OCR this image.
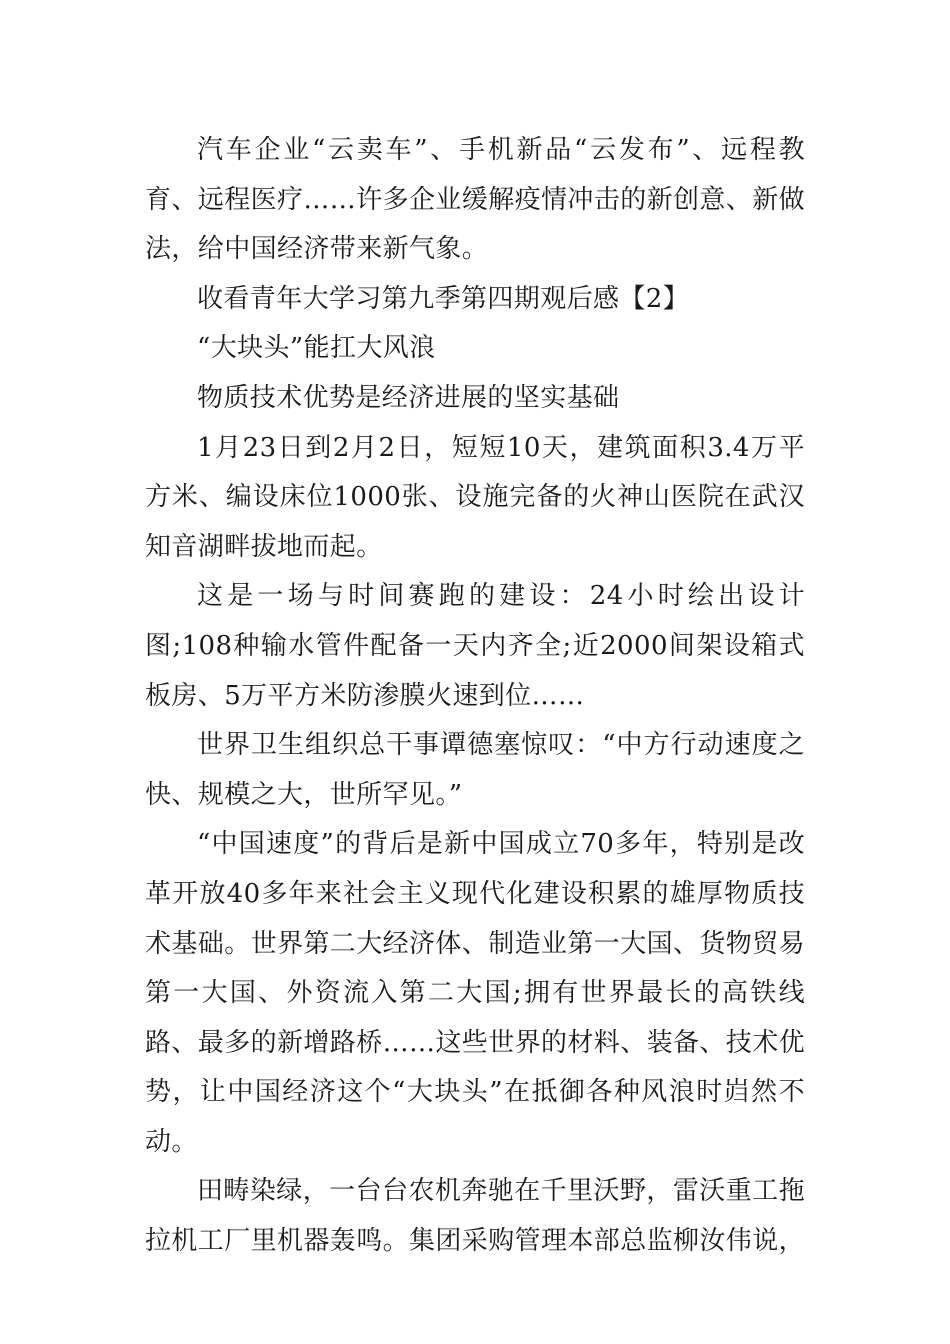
汽车企业“云卖车”、手机新品“云发布”、远程教育、远程医疗……许多企业缓解疫情冲击的新创意、新做法，给中国经济带来新气象。

收看青年大学习第九季第四期观后感【2】

“大块头”能扛大风浪

物质技术优势是经济进展的坚实基础

1月23日到2月2日，短短10天，建筑面积3.4万平方米、编设床位1000张、设施完备的火神山医院在武汉知音湖畔拔地而起。

这是一场与时间赛跑的建设：24小时绘出设计图;108种输水管件配备一天内齐全;近2000间架设箱式板房、5万平方米防渗膜火速到位……

世界卫生组织总干事谭德塞惊叹：“中方行动速度之快、规模之大，世所罕见。”

“中国速度”的背后是新中国成立70多年，特别是改革开放40多年来社会主义现代化建设积累的雄厚物质技术基础。世界第二大经济体、制造业第一大国、货物贸易第一大国、外资流入第二大国;拥有世界最长的高铁线路、最多的新增路桥……这些世界的材料、装备、技术优势，让中国经济这个“大块头”在抵御各种风浪时岿然不动。

田畴染绿，一台台农机奔驰在千里沃野，雷沃重工拖拉机工厂里机器轰鸣。集团采购管理本部总监柳汝伟说，
